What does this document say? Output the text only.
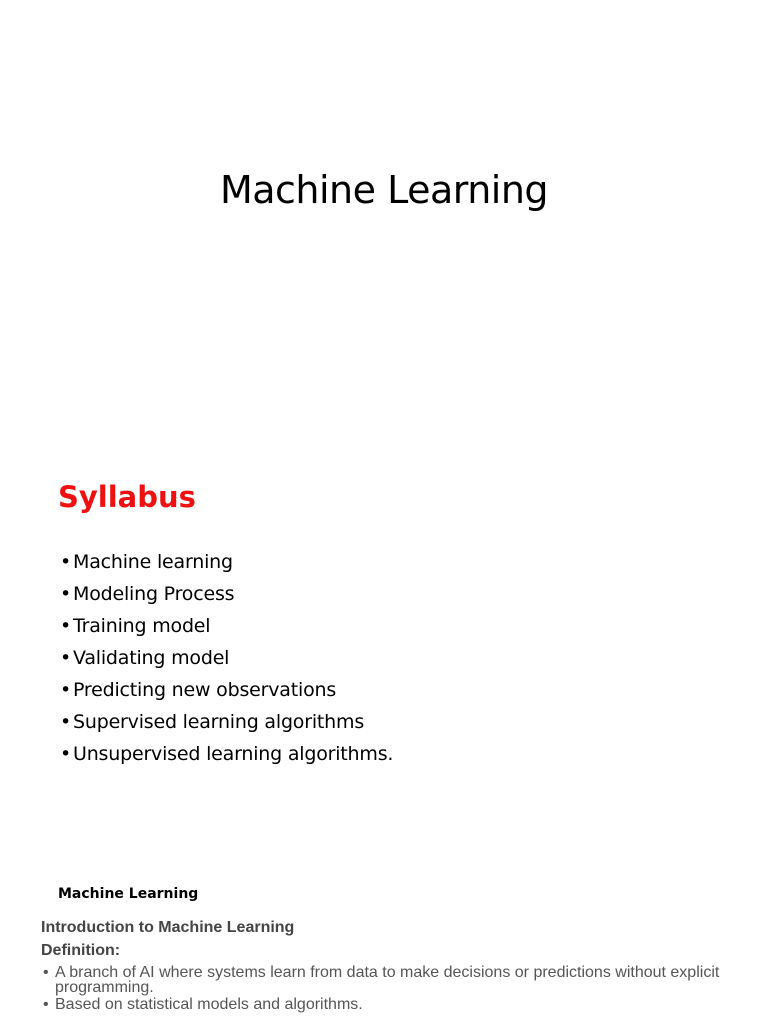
Machine Learning
Syllabus
• Machine learning
• Modeling Process
• Training model
• Validating model
• Predicting new observations
• Supervised learning algorithms
• Unsupervised learning algorithms.
Machine Learning
Introduction to Machine Learning
Definition:
• A branch of AI where systems learn from data to make decisions or predictions without explicit programming.
• Based on statistical models and algorithms.
